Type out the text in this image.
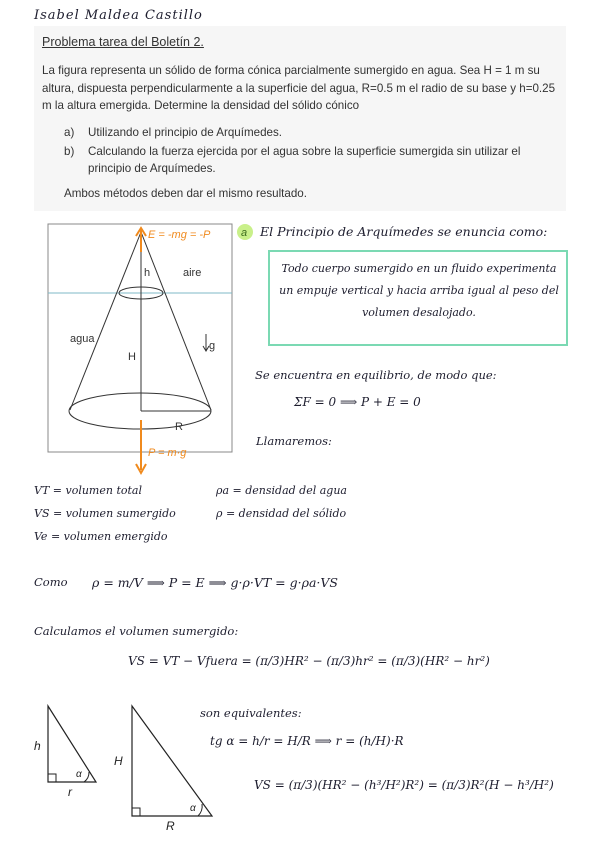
Isabel Maldea Castillo
Problema tarea del Boletín 2.

La figura representa un sólido de forma cónica parcialmente sumergido en agua. Sea H = 1 m su altura, dispuesta perpendicularmente a la superficie del agua, R=0.5 m el radio de su base y h=0.25 m la altura emergida. Determine la densidad del sólido cónico

a) Utilizando el principio de Arquímedes.
b) Calculando la fuerza ejercida por el agua sobre la superficie sumergida sin utilizar el principio de Arquímedes.
Ambos métodos deben dar el mismo resultado.
h	aire
agua
H
R
g
E = -mg = -P
P = m·g
h
r
α
H
R
α
a El Principio de Arquímedes se enuncia como:

Todo cuerpo sumergido en un fluido experimenta un empuje vertical y hacia arriba igual al peso del volumen desalojado.

Se encuentra en equilibrio, de modo que:
ΣF = 0 ⟹ P + E = 0
Llamaremos:
VT = volumen total
VS = volumen sumergido
Ve = volumen emergido
ρa = densidad del agua
ρ = densidad del sólido
Como ρ = m/V ⟹ P = E ⟹ g·ρ·VT = g·ρa·VS
Calculamos el volumen sumergido:
VS = VT − Vfuera = (π/3)HR² − (π/3)hr² = (π/3)(HR² − hr²)
son equivalentes:
tg α = h/r = H/R ⟹ r = (h/H)·R
VS = (π/3)(HR² − (h³/H²)R²) = (π/3)R²(H − h³/H²)
